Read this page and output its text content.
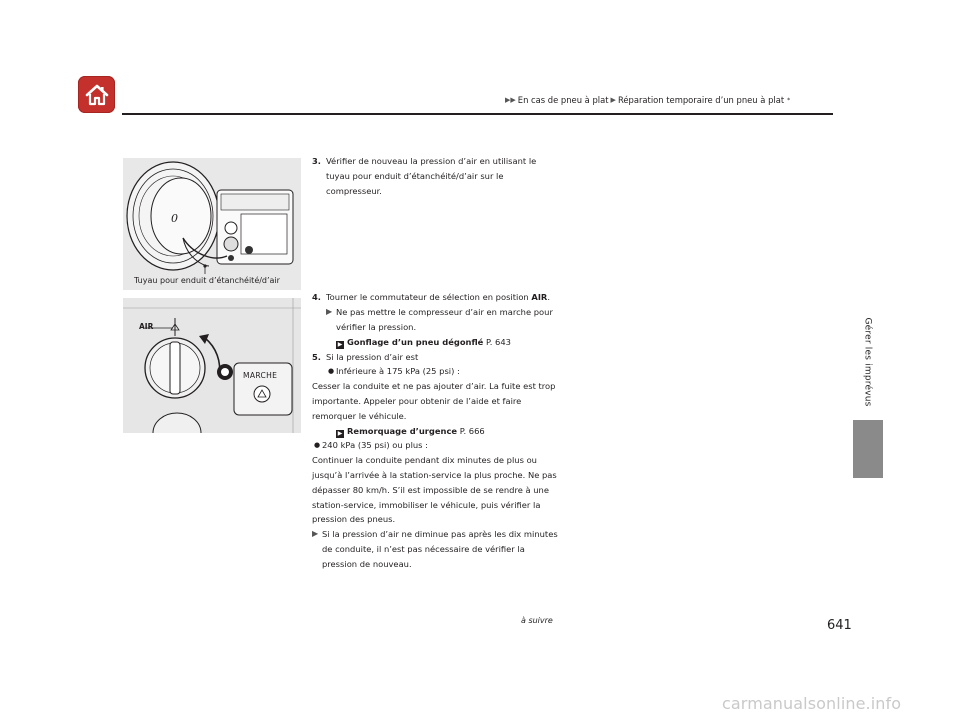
▶▶ En cas de pneu à plat ▶ Réparation temporaire d’un pneu à plat *
Gérer les imprévus
0
Tuyau pour enduit d’étanchéité/d’air
AIR
MARCHE
3. Vérifier de nouveau la pression d’air en utilisant le tuyau pour enduit d’étanchéité/d’air sur le compresseur.
4. Tourner le commutateur de sélection en position AIR.
▶ Ne pas mettre le compresseur d’air en marche pour vérifier la pression.
▶ Gonflage d’un pneu dégonflé P. 643
5. Si la pression d’air est
● Inférieure à 175 kPa (25 psi) :
Cesser la conduite et ne pas ajouter d’air. La fuite est trop importante. Appeler pour obtenir de l’aide et faire remorquer le véhicule.
▶ Remorquage d’urgence P. 666
● 240 kPa (35 psi) ou plus :
Continuer la conduite pendant dix minutes de plus ou jusqu’à l’arrivée à la station-service la plus proche. Ne pas dépasser 80 km/h. S’il est impossible de se rendre à une station-service, immobiliser le véhicule, puis vérifier la pression des pneus.
▶ Si la pression d’air ne diminue pas après les dix minutes de conduite, il n’est pas nécessaire de vérifier la pression de nouveau.
à suivre	641
carmanualsonline.info
